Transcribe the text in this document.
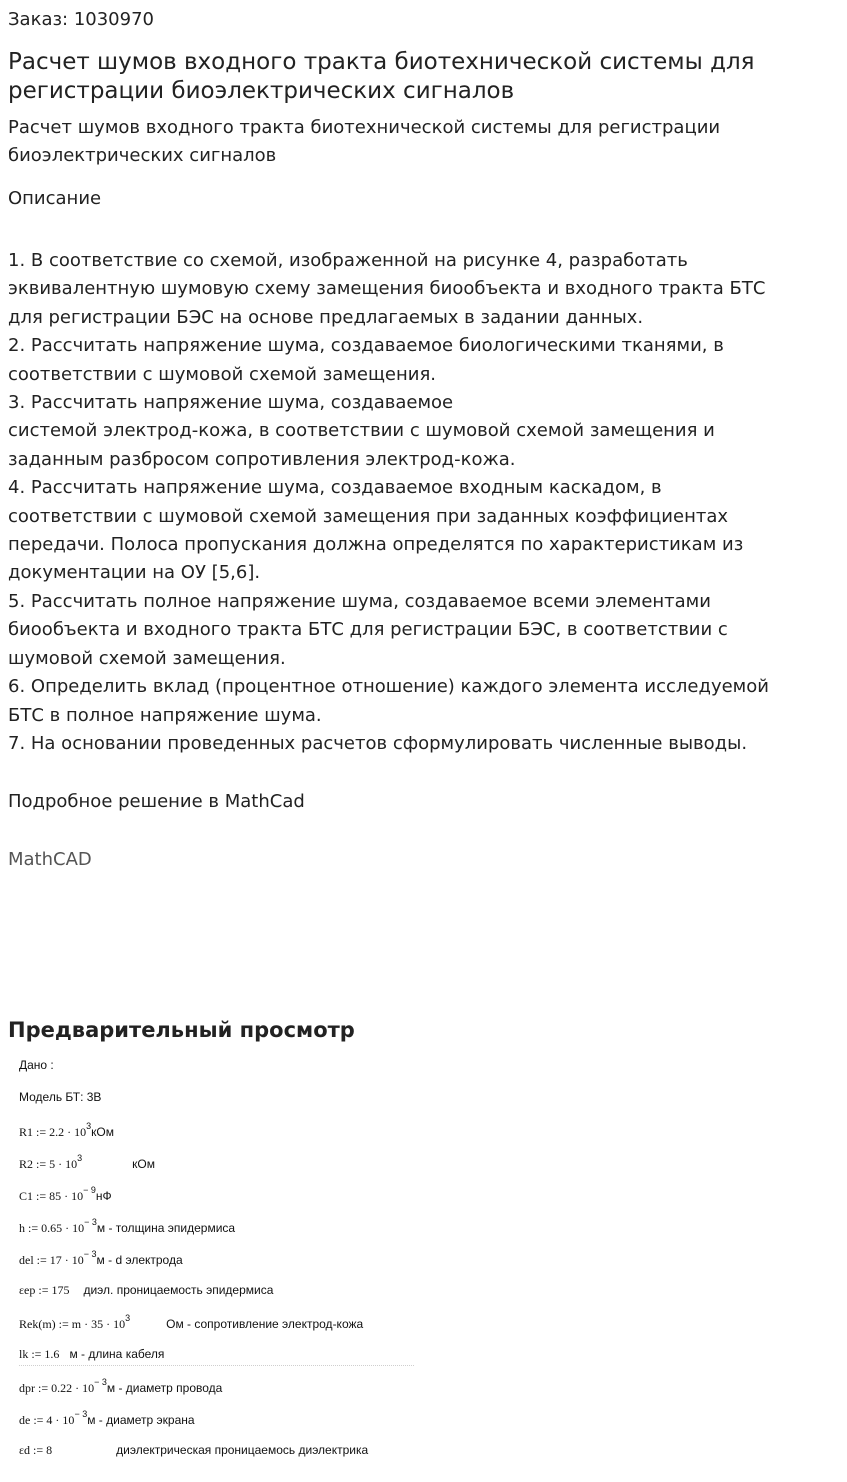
Заказ: 1030970
Расчет шумов входного тракта биотехнической системы для регистрации биоэлектрических сигналов
Расчет шумов входного тракта биотехнической системы для регистрации биоэлектрических сигналов
Описание
1. В соответствие со схемой, изображенной на рисунке 4, разработать
эквивалентную шумовую схему замещения биообъекта и входного тракта БТС
для регистрации БЭС на основе предлагаемых в задании данных.
2. Рассчитать напряжение шума, создаваемое биологическими тканями, в
соответствии с шумовой схемой замещения.
3. Рассчитать напряжение шума, создаваемое
системой электрод-кожа, в соответствии с шумовой схемой замещения и
заданным разбросом сопротивления электрод-кожа.
4. Рассчитать напряжение шума, создаваемое входным каскадом, в
соответствии с шумовой схемой замещения при заданных коэффициентах
передачи. Полоса пропускания должна определятся по характеристикам из
документации на ОУ [5,6].
5. Рассчитать полное напряжение шума, создаваемое всеми элементами
биообъекта и входного тракта БТС для регистрации БЭС, в соответствии с
шумовой схемой замещения.
6. Определить вклад (процентное отношение) каждого элемента исследуемой
БТС в полное напряжение шума.
7. На основании проведенных расчетов сформулировать численные выводы.
Подробное решение в MathCad
MathCAD
Предварительный просмотр
Дано :
Модель БТ: 3В
R1 := $2.2 \cdot 10^3кОм$
R2 := $5 \cdot 10^3$	кОм
C1 := $85 \cdot 10^{- 9}нФ$
h := $0.65 \cdot 10^{- 3}м$ - толщина эпидермиса
del := $17 \cdot 10^{- 3}м - d$ электрода
εep := 175 диэл. проницаемость эпидермиса
Rek(m) := $m \cdot 35 \cdot 10^3$	Ом - сопротивление электрод-кожа
lk := 1.6 м - длина кабеля
dpr := $0.22 \cdot 10^{- 3}м$ - диаметр провода
de := $4 \cdot 10^{- 3}м$ - диаметр экрана
εd := 8	диэлектрическая проницаемось диэлектрика
